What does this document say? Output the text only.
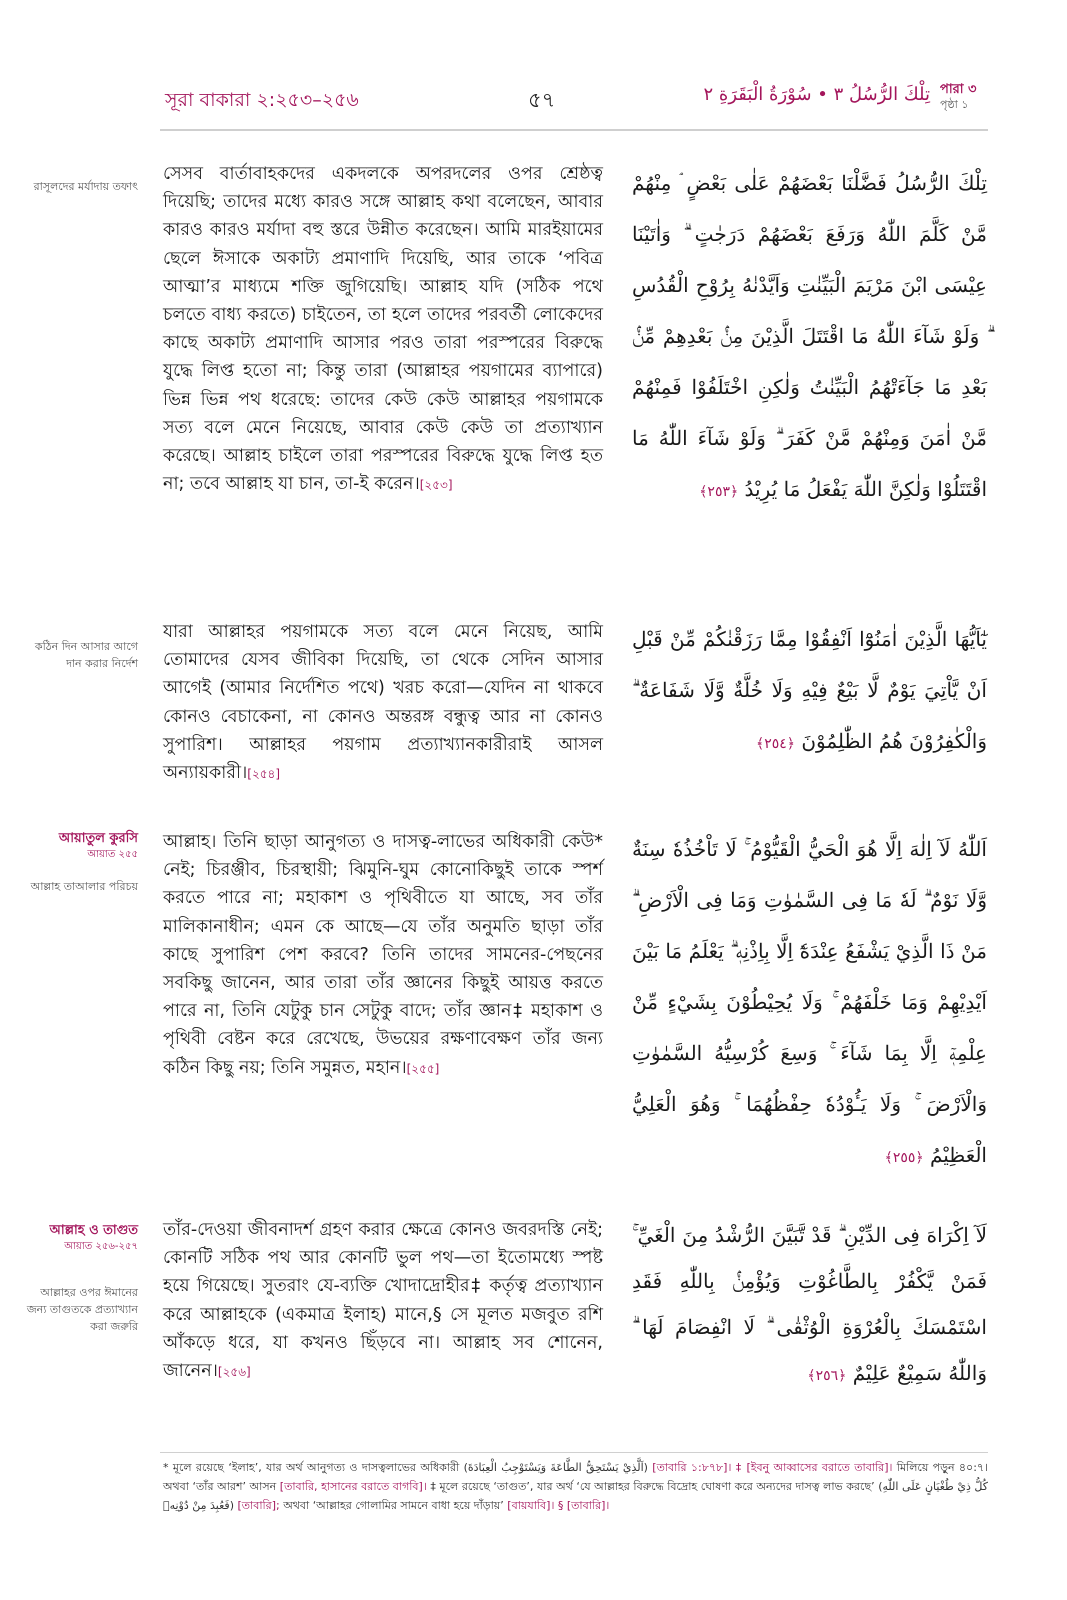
সূরা বাকারা ২:২৫৩–২৫৬	৫৭	تِلْكَ الرُّسُلُ ٣ • سُوْرَةُ الْبَقَرَةِ ٢ পারা ৩
পৃষ্ঠা ১

রাসূলদের মর্যাদায় তফাৎ

সেসব বার্তাবাহকদের একদলকে অপরদলের ওপর শ্রেষ্ঠত্ব দিয়েছি; তাদের মধ্যে কারও সঙ্গে আল্লাহ কথা বলেছেন, আবার কারও কারও মর্যাদা বহু স্তরে উন্নীত করেছেন। আমি মারইয়ামের ছেলে ঈসাকে অকাট্য প্রমাণাদি দিয়েছি, আর তাকে ‘পবিত্র আত্মা’র মাধ্যমে শক্তি জুগিয়েছি। আল্লাহ যদি (সঠিক পথে চলতে বাধ্য করতে) চাইতেন, তা হলে তাদের পরবর্তী লোকেদের কাছে অকাট্য প্রমাণাদি আসার পরও তারা পরস্পরের বিরুদ্ধে যুদ্ধে লিপ্ত হতো না; কিন্তু তারা (আল্লাহর পয়গামের ব্যাপারে) ভিন্ন ভিন্ন পথ ধরেছে: তাদের কেউ কেউ আল্লাহর পয়গামকে সত্য বলে মেনে নিয়েছে, আবার কেউ কেউ তা প্রত্যাখ্যান করেছে। আল্লাহ চাইলে তারা পরস্পরের বিরুদ্ধে যুদ্ধে লিপ্ত হত না; তবে আল্লাহ যা চান, তা-ই করেন।[২৫৩]

تِلْكَ الرُّسُلُ فَضَّلْنَا بَعْضَهُمْ عَلٰى بَعْضٍ ۘ مِنْهُمْ مَّنْ كَلَّمَ اللّٰهُ وَرَفَعَ بَعْضَهُمْ دَرَجٰتٍ ۗ وَاٰتَيْنَا عِيْسَى ابْنَ مَرْيَمَ الْبَيِّنٰتِ وَاَيَّدْنٰهُ بِرُوْحِ الْقُدُسِ ۗ وَلَوْ شَآءَ اللّٰهُ مَا اقْتَتَلَ الَّذِيْنَ مِنْۢ بَعْدِهِمْ مِّنْۢ بَعْدِ مَا جَآءَتْهُمُ الْبَيِّنٰتُ وَلٰكِنِ اخْتَلَفُوْا فَمِنْهُمْ مَّنْ اٰمَنَ وَمِنْهُمْ مَّنْ كَفَرَ ۗ وَلَوْ شَآءَ اللّٰهُ مَا اقْتَتَلُوْا وَلٰكِنَّ اللّٰهَ يَفْعَلُ مَا يُرِيْدُ ﴿٢٥٣﴾

কঠিন দিন আসার আগে দান করার নির্দেশ

যারা আল্লাহর পয়গামকে সত্য বলে মেনে নিয়েছ, আমি তোমাদের যেসব জীবিকা দিয়েছি, তা থেকে সেদিন আসার আগেই (আমার নির্দেশিত পথে) খরচ করো—যেদিন না থাকবে কোনও বেচাকেনা, না কোনও অন্তরঙ্গ বন্ধুত্ব আর না কোনও সুপারিশ। আল্লাহর পয়গাম প্রত্যাখ্যানকারীরাই আসল অন্যায়কারী।[২৫৪]

يٰٓاَيُّهَا الَّذِيْنَ اٰمَنُوْٓا اَنْفِقُوْا مِمَّا رَزَقْنٰكُمْ مِّنْ قَبْلِ اَنْ يَّاْتِيَ يَوْمٌ لَّا بَيْعٌ فِيْهِ وَلَا خُلَّةٌ وَّلَا شَفَاعَةٌ ۗ وَالْكٰفِرُوْنَ هُمُ الظّٰلِمُوْنَ ﴿٢٥٤﴾

আয়াতুল কুরসি
আয়াত ২৫৫

আল্লাহ তাআলার পরিচয়

আল্লাহ। তিনি ছাড়া আনুগত্য ও দাসত্ব-লাভের অধিকারী কেউ* নেই; চিরঞ্জীব, চিরস্থায়ী; ঝিমুনি-ঘুম কোনোকিছুই তাকে স্পর্শ করতে পারে না; মহাকাশ ও পৃথিবীতে যা আছে, সব তাঁর মালিকানাধীন; এমন কে আছে—যে তাঁর অনুমতি ছাড়া তাঁর কাছে সুপারিশ পেশ করবে? তিনি তাদের সামনের-পেছনের সবকিছু জানেন, আর তারা তাঁর জ্ঞানের কিছুই আয়ত্ত করতে পারে না, তিনি যেটুকু চান সেটুকু বাদে; তাঁর জ্ঞান‡ মহাকাশ ও পৃথিবী বেষ্টন করে রেখেছে, উভয়ের রক্ষণাবেক্ষণ তাঁর জন্য কঠিন কিছু নয়; তিনি সমুন্নত, মহান।[২৫৫]

اَللّٰهُ لَآ اِلٰهَ اِلَّا هُوَ الْحَيُّ الْقَيُّوْمُ ۚ لَا تَاْخُذُهٗ سِنَةٌ وَّلَا نَوْمٌ ۗ لَهٗ مَا فِى السَّمٰوٰتِ وَمَا فِى الْاَرْضِ ۗ مَنْ ذَا الَّذِيْ يَشْفَعُ عِنْدَهٗٓ اِلَّا بِاِذْنِهٖ ۗ يَعْلَمُ مَا بَيْنَ اَيْدِيْهِمْ وَمَا خَلْفَهُمْ ۚ وَلَا يُحِيْطُوْنَ بِشَيْءٍ مِّنْ عِلْمِهٖٓ اِلَّا بِمَا شَآءَ ۚ وَسِعَ كُرْسِيُّهُ السَّمٰوٰتِ وَالْاَرْضَ ۚ وَلَا يَـُٔوْدُهٗ حِفْظُهُمَا ۚ وَهُوَ الْعَلِيُّ الْعَظِيْمُ ﴿٢٥٥﴾

আল্লাহ ও তাগুত
আয়াত ২৫৬-২৫৭

আল্লাহর ওপর ঈমানের জন্য তাগুতকে প্রত্যাখ্যান করা জরুরি

তাঁর-দেওয়া জীবনাদর্শ গ্রহণ করার ক্ষেত্রে কোনও জবরদস্তি নেই; কোনটি সঠিক পথ আর কোনটি ভুল পথ—তা ইতোমধ্যে স্পষ্ট হয়ে গিয়েছে। সুতরাং যে-ব্যক্তি খোদাদ্রোহীর‡ কর্তৃত্ব প্রত্যাখ্যান করে আল্লাহকে (একমাত্র ইলাহ) মানে,§ সে মূলত মজবুত রশি আঁকড়ে ধরে, যা কখনও ছিঁড়বে না। আল্লাহ সব শোনেন, জানেন।[২৫৬]

لَآ اِكْرَاهَ فِى الدِّيْنِ ۗ قَدْ تَّبَيَّنَ الرُّشْدُ مِنَ الْغَيِّ ۚ فَمَنْ يَّكْفُرْ بِالطَّاغُوْتِ وَيُؤْمِنْۢ بِاللّٰهِ فَقَدِ اسْتَمْسَكَ بِالْعُرْوَةِ الْوُثْقٰى ۗ لَا انْفِصَامَ لَهَا ۗ وَاللّٰهُ سَمِيْعٌ عَلِيْمٌ ﴿٢٥٦﴾

* মূলে রয়েছে ‘ইলাহ’, যার অর্থ আনুগত্য ও দাসত্বলাভের অধিকারী (اَلَّذِيْ يَسْتَحِقُّ الطَّاعَةَ وَيَسْتَوْجِبُ الْعِبَادَةَ) [তাবারি ১:৮৭৮]। ‡ [ইবনু আব্বাসের বরাতে তাবারি]। মিলিয়ে পড়ুন ৪০:৭। অথবা ‘তাঁর আরশ’ আসন [তাবারি, হাসানের বরাতে বাগবি]। ‡ মূলে রয়েছে ‘তাগুত’, যার অর্থ ‘যে আল্লাহর বিরুদ্ধে বিদ্রোহ ঘোষণা করে অন্যদের দাসত্ব লাভ করছে’ (كُلُّ ذِيْ طُغْيَانٍ عَلَى اللّٰهِ فَعُبِدَ مِنْ دُوْنِهٖ) [তাবারি]; অথবা ‘আল্লাহর গোলামির সামনে বাধা হয়ে দাঁড়ায়’ [বায়যাবি]। § [তাবারি]।
